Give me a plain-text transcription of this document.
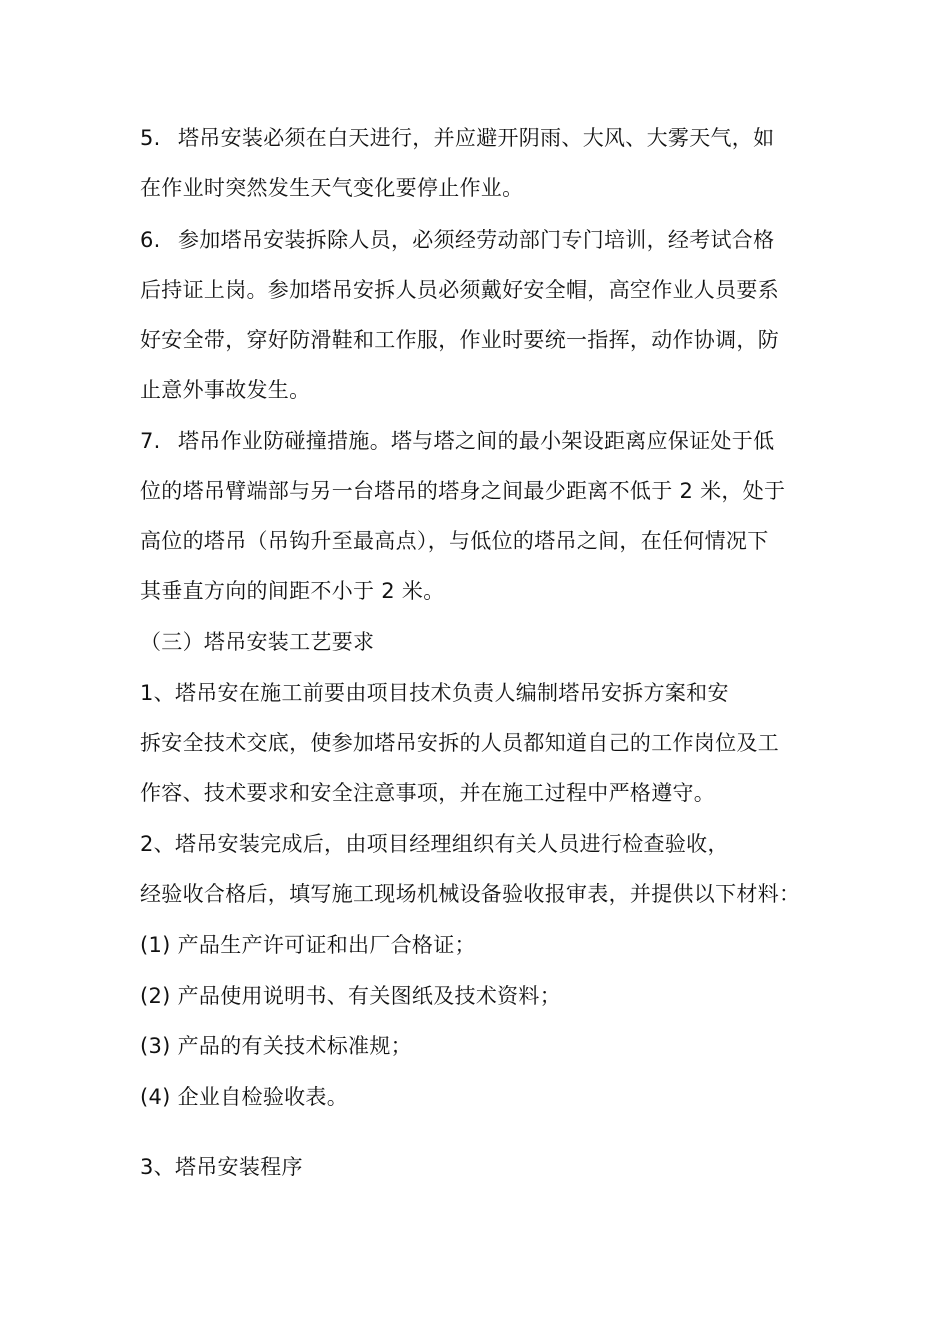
5. 塔吊安装必须在白天进行，并应避开阴雨、大风、大雾天气，如
在作业时突然发生天气变化要停止作业。
6. 参加塔吊安装拆除人员，必须经劳动部门专门培训，经考试合格
后持证上岗。参加塔吊安拆人员必须戴好安全帽，高空作业人员要系
好安全带，穿好防滑鞋和工作服，作业时要统一指挥，动作协调，防
止意外事故发生。
7. 塔吊作业防碰撞措施。塔与塔之间的最小架设距离应保证处于低
位的塔吊臂端部与另一台塔吊的塔身之间最少距离不低于 2 米，处于
高位的塔吊（吊钩升至最高点），与低位的塔吊之间，在任何情况下
其垂直方向的间距不小于 2 米。
（三）塔吊安装工艺要求
1、塔吊安在施工前要由项目技术负责人编制塔吊安拆方案和安
拆安全技术交底，使参加塔吊安拆的人员都知道自己的工作岗位及工
作容、技术要求和安全注意事项，并在施工过程中严格遵守。
2、塔吊安装完成后，由项目经理组织有关人员进行检查验收，
经验收合格后，填写施工现场机械设备验收报审表，并提供以下材料：
(1) 产品生产许可证和出厂合格证；
(2) 产品使用说明书、有关图纸及技术资料；
(3) 产品的有关技术标准规；
(4) 企业自检验收表。
3、塔吊安装程序
